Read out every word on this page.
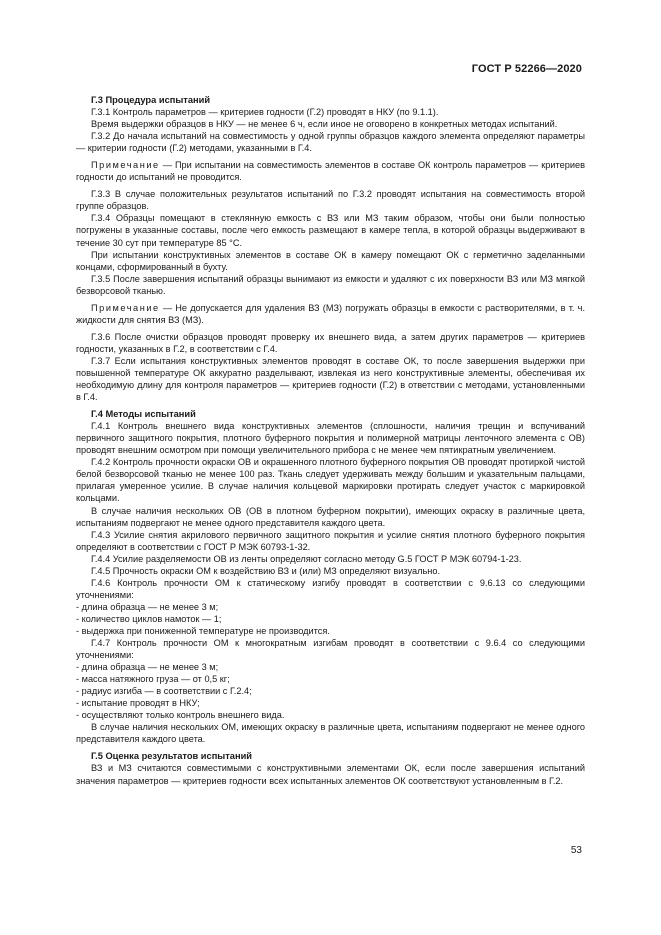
ГОСТ Р 52266—2020
Г.3 Процедура испытаний

Г.3.1 Контроль параметров — критериев годности (Г.2) проводят в НКУ (по 9.1.1).

Время выдержки образцов в НКУ — не менее 6 ч, если иное не оговорено в конкретных методах испытаний.

Г.3.2 До начала испытаний на совместимость у одной группы образцов каждого элемента определяют параметры — критерии годности (Г.2) методами, указанными в Г.4.

Примечание — При испытании на совместимость элементов в составе ОК контроль параметров — критериев годности до испытаний не проводится.

Г.3.3 В случае положительных результатов испытаний по Г.3.2 проводят испытания на совместимость второй группе образцов.

Г.3.4 Образцы помещают в стеклянную емкость с ВЗ или МЗ таким образом, чтобы они были полностью погружены в указанные составы, после чего емкость размещают в камере тепла, в которой образцы выдерживают в течение 30 сут при температуре 85 °С.

При испытании конструктивных элементов в составе ОК в камеру помещают ОК с герметично заделанными концами, сформированный в бухту.

Г.3.5 После завершения испытаний образцы вынимают из емкости и удаляют с их поверхности ВЗ или МЗ мягкой безворсовой тканью.

Примечание — Не допускается для удаления ВЗ (МЗ) погружать образцы в емкости с растворителями, в т. ч. жидкости для снятия ВЗ (МЗ).

Г.3.6 После очистки образцов проводят проверку их внешнего вида, а затем других параметров — критериев годности, указанных в Г.2, в соответствии с Г.4.

Г.3.7 Если испытания конструктивных элементов проводят в составе ОК, то после завершения выдержки при повышенной температуре ОК аккуратно разделывают, извлекая из него конструктивные элементы, обеспечивая их необходимую длину для контроля параметров — критериев годности (Г.2) в ответствии с методами, установленными в Г.4.

Г.4 Методы испытаний

Г.4.1 Контроль внешнего вида конструктивных элементов (сплошности, наличия трещин и вспучиваний первичного защитного покрытия, плотного буферного покрытия и полимерной матрицы ленточного элемента с ОВ) проводят внешним осмотром при помощи увеличительного прибора с не менее чем пятикратным увеличением.

Г.4.2 Контроль прочности окраски ОВ и окрашенного плотного буферного покрытия ОВ проводят протиркой чистой белой безворсовой тканью не менее 100 раз. Ткань следует удерживать между большим и указательным пальцами, прилагая умеренное усилие. В случае наличия кольцевой маркировки протирать следует участок с маркировкой кольцами.

В случае наличия нескольких ОВ (ОВ в плотном буферном покрытии), имеющих окраску в различные цвета, испытаниям подвергают не менее одного представителя каждого цвета.

Г.4.3 Усилие снятия акрилового первичного защитного покрытия и усилие снятия плотного буферного покрытия определяют в соответствии с ГОСТ Р МЭК 60793-1-32.

Г.4.4 Усилие разделяемости ОВ из ленты определяют согласно методу G.5 ГОСТ Р МЭК 60794-1-23.

Г.4.5 Прочность окраски ОМ к воздействию ВЗ и (или) МЗ определяют визуально.

Г.4.6 Контроль прочности ОМ к статическому изгибу проводят в соответствии с 9.6.13 со следующими уточнениями:

- длина образца — не менее 3 м;
- количество циклов намоток — 1;
- выдержка при пониженной температуре не производится.

Г.4.7 Контроль прочности ОМ к многократным изгибам проводят в соответствии с 9.6.4 со следующими уточнениями:

- длина образца — не менее 3 м;
- масса натяжного груза — от 0,5 кг;
- радиус изгиба — в соответствии с Г.2.4;
- испытание проводят в НКУ;
- осуществляют только контроль внешнего вида.

В случае наличия нескольких ОМ, имеющих окраску в различные цвета, испытаниям подвергают не менее одного представителя каждого цвета.

Г.5 Оценка результатов испытаний

ВЗ и МЗ считаются совместимыми с конструктивными элементами ОК, если после завершения испытаний значения параметров — критериев годности всех испытанных элементов ОК соответствуют установленным в Г.2.

53
